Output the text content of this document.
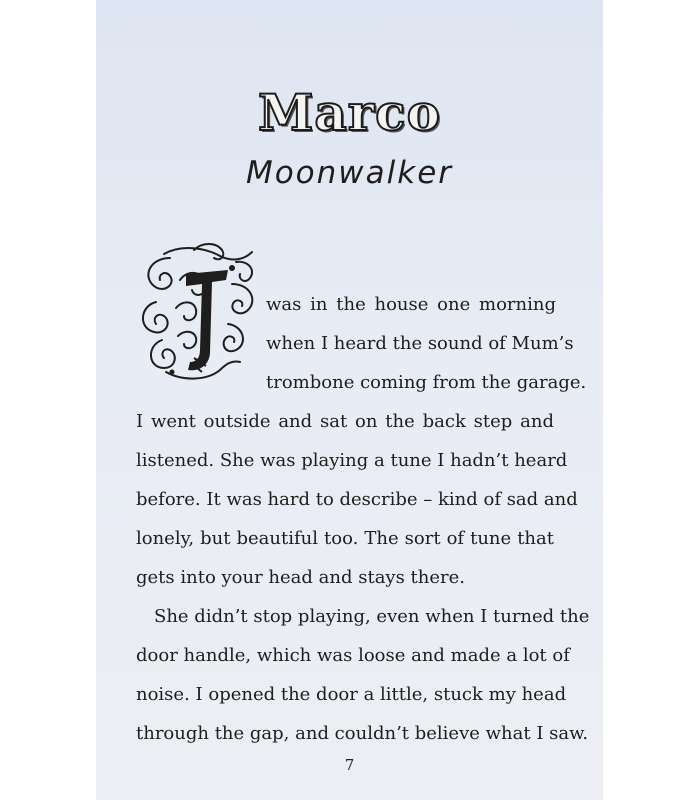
Marco
Moonwalker
was in the house one morning
when I heard the sound of Mum’s
trombone coming from the garage.
I went outside and sat on the back step and
listened. She was playing a tune I hadn’t heard
before. It was hard to describe – kind of sad and
lonely, but beautiful too. The sort of tune that
gets into your head and stays there.
She didn’t stop playing, even when I turned the
door handle, which was loose and made a lot of
noise. I opened the door a little, stuck my head
through the gap, and couldn’t believe what I saw.
7
